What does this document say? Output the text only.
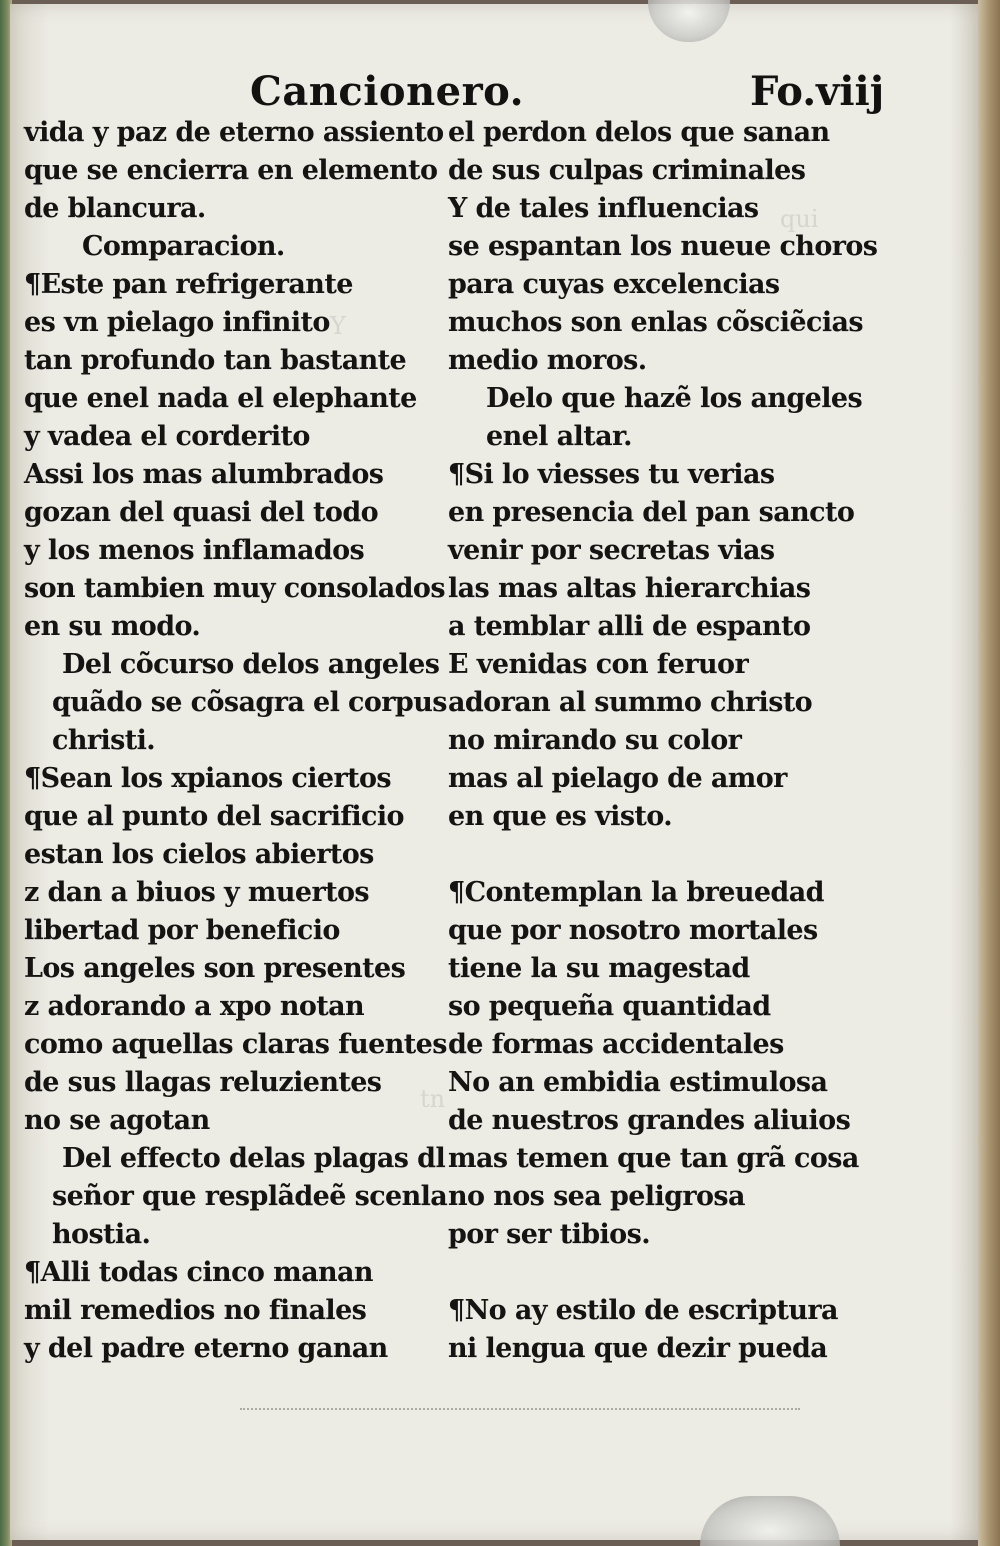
qui
Y
tn
Cancionero.	Fo.viij
vida y paz de eterno assiento
que se encierra en elemento
de blancura.
Comparacion.
¶Este pan refrigerante
es vn pielago infinito
tan profundo tan bastante
que enel nada el elephante
y vadea el corderito
Assi los mas alumbrados
gozan del quasi del todo
y los menos inflamados
son tambien muy consolados
en su modo.
Del cõcurso delos angeles
quãdo se cõsagra el corpus
christi.
¶Sean los xpianos ciertos
que al punto del sacrificio
estan los cielos abiertos
z dan a biuos y muertos
libertad por beneficio
Los angeles son presentes
z adorando a xpo notan
como aquellas claras fuentes
de sus llagas reluzientes
no se agotan
Del effecto delas plagas dl
señor que resplãdeẽ scenla
hostia.
¶Alli todas cinco manan
mil remedios no finales
y del padre eterno ganan
el perdon delos que sanan
de sus culpas criminales
Y de tales influencias
se espantan los nueue choros
para cuyas excelencias
muchos son enlas cõsciẽcias
medio moros.
Delo que hazẽ los angeles
enel altar.
¶Si lo viesses tu verias
en presencia del pan sancto
venir por secretas vias
las mas altas hierarchias
a temblar alli de espanto
E venidas con feruor
adoran al summo christo
no mirando su color
mas al pielago de amor
en que es visto.
¶Contemplan la breuedad
que por nosotro mortales
tiene la su magestad
so pequeña quantidad
de formas accidentales
No an embidia estimulosa
de nuestros grandes aliuios
mas temen que tan grã cosa
no nos sea peligrosa
por ser tibios.
¶No ay estilo de escriptura
ni lengua que dezir pueda
